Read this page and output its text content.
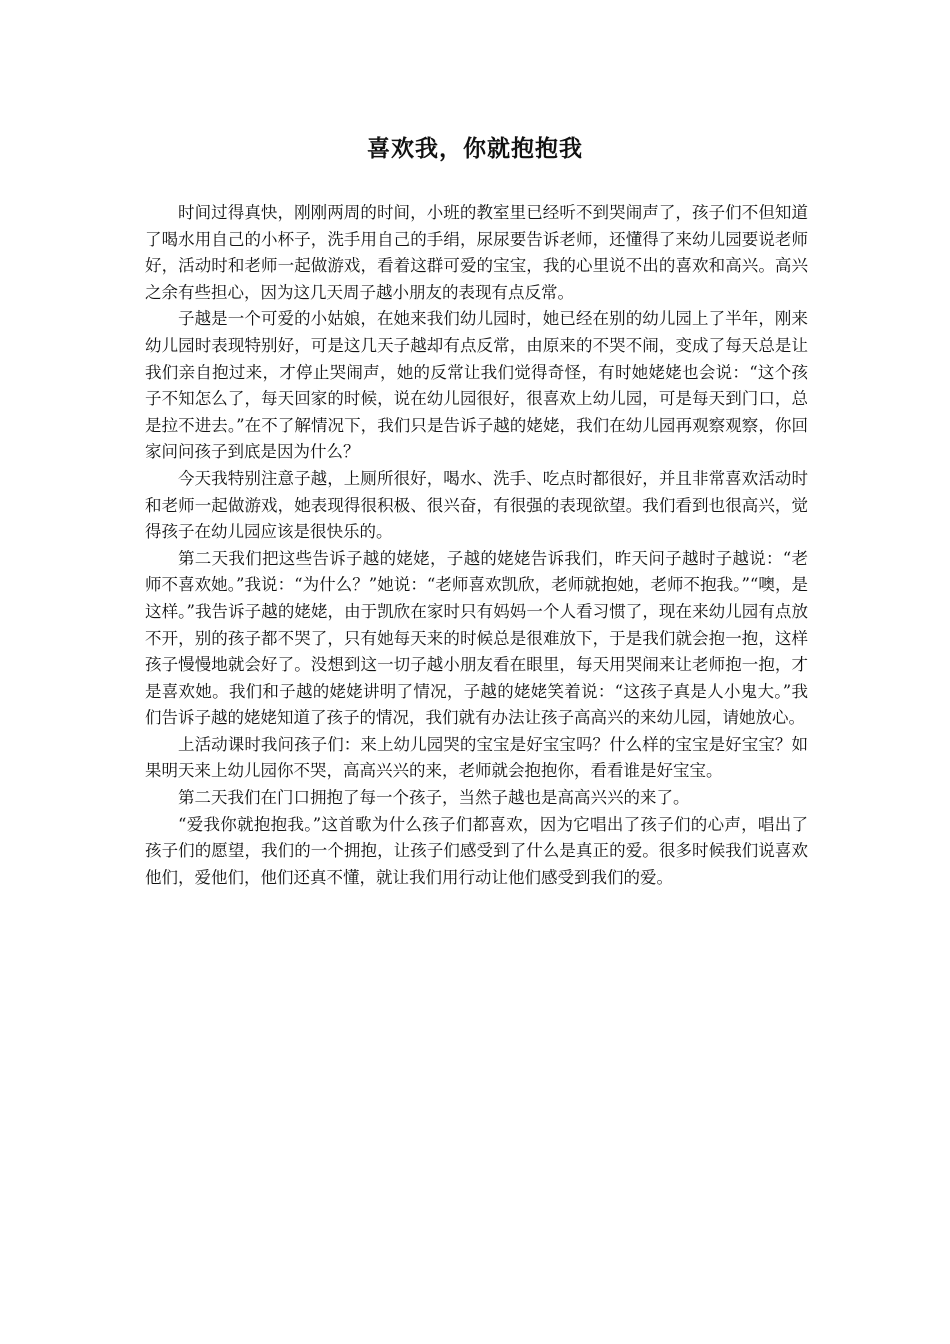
喜欢我，你就抱抱我

时间过得真快，刚刚两周的时间，小班的教室里已经听不到哭闹声了，孩子们不但知道了喝水用自己的小杯子，洗手用自己的手绢，尿尿要告诉老师，还懂得了来幼儿园要说老师好，活动时和老师一起做游戏，看着这群可爱的宝宝，我的心里说不出的喜欢和高兴。高兴之余有些担心，因为这几天周子越小朋友的表现有点反常。

子越是一个可爱的小姑娘，在她来我们幼儿园时，她已经在别的幼儿园上了半年，刚来幼儿园时表现特别好，可是这几天子越却有点反常，由原来的不哭不闹，变成了每天总是让我们亲自抱过来，才停止哭闹声，她的反常让我们觉得奇怪，有时她姥姥也会说：“这个孩子不知怎么了，每天回家的时候，说在幼儿园很好，很喜欢上幼儿园，可是每天到门口，总是拉不进去。”在不了解情况下，我们只是告诉子越的姥姥，我们在幼儿园再观察观察，你回家问问孩子到底是因为什么？

今天我特别注意子越，上厕所很好，喝水、洗手、吃点时都很好，并且非常喜欢活动时和老师一起做游戏，她表现得很积极、很兴奋，有很强的表现欲望。我们看到也很高兴，觉得孩子在幼儿园应该是很快乐的。

第二天我们把这些告诉子越的姥姥，子越的姥姥告诉我们，昨天问子越时子越说：“老师不喜欢她。”我说：“为什么？”她说：“老师喜欢凯欣，老师就抱她，老师不抱我。”“噢，是这样。”我告诉子越的姥姥，由于凯欣在家时只有妈妈一个人看习惯了，现在来幼儿园有点放不开，别的孩子都不哭了，只有她每天来的时候总是很难放下，于是我们就会抱一抱，这样孩子慢慢地就会好了。没想到这一切子越小朋友看在眼里，每天用哭闹来让老师抱一抱，才是喜欢她。我们和子越的姥姥讲明了情况，子越的姥姥笑着说：“这孩子真是人小鬼大。”我们告诉子越的姥姥知道了孩子的情况，我们就有办法让孩子高高兴的来幼儿园，请她放心。

上活动课时我问孩子们：来上幼儿园哭的宝宝是好宝宝吗？什么样的宝宝是好宝宝？如果明天来上幼儿园你不哭，高高兴兴的来，老师就会抱抱你，看看谁是好宝宝。

第二天我们在门口拥抱了每一个孩子，当然子越也是高高兴兴的来了。

“爱我你就抱抱我。”这首歌为什么孩子们都喜欢，因为它唱出了孩子们的心声，唱出了孩子们的愿望，我们的一个拥抱，让孩子们感受到了什么是真正的爱。很多时候我们说喜欢他们，爱他们，他们还真不懂，就让我们用行动让他们感受到我们的爱。
